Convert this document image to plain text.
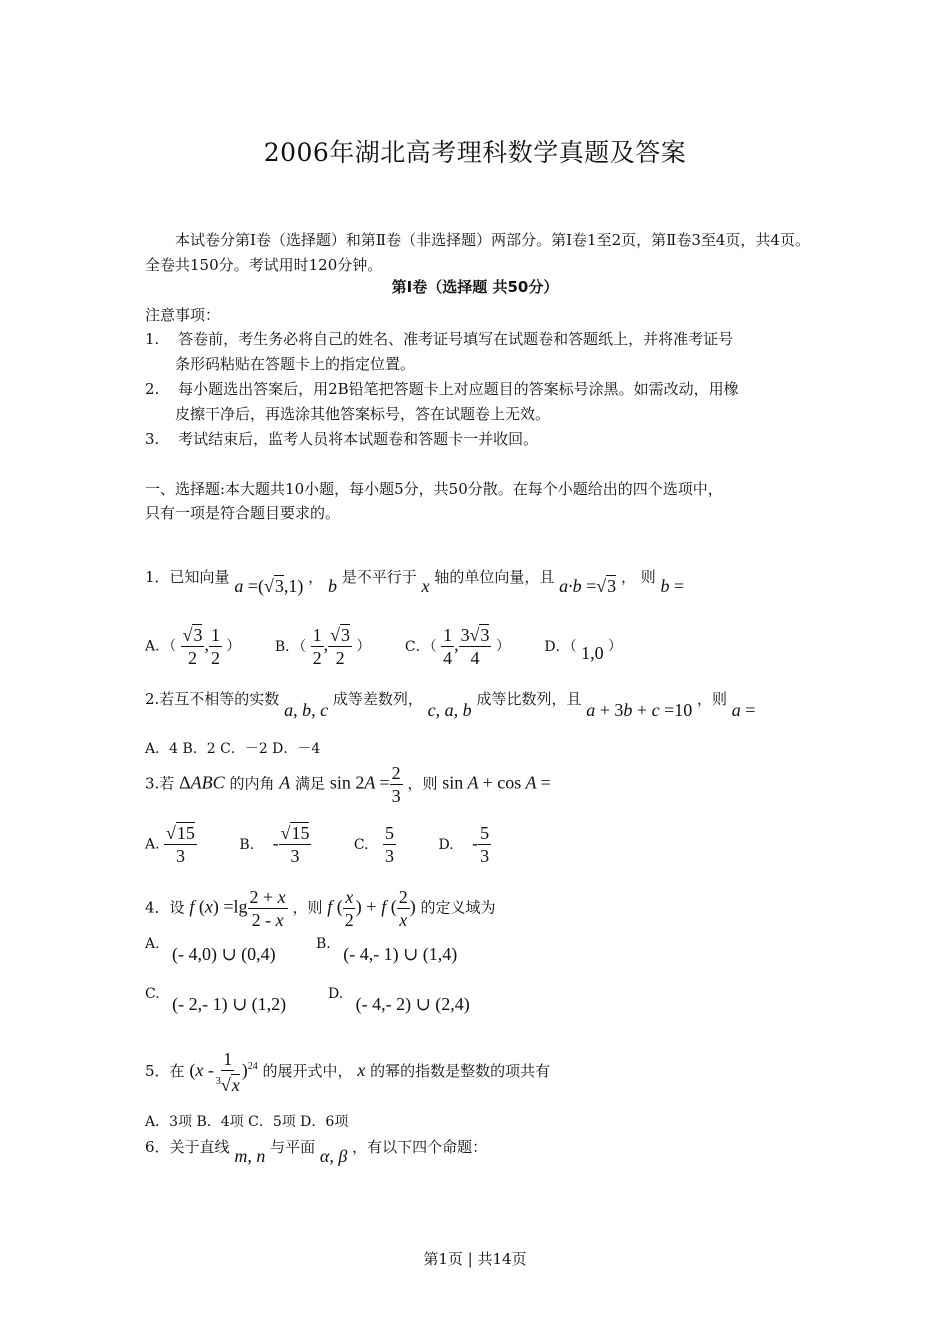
2006年湖北高考理科数学真题及答案
本试卷分第Ⅰ卷（选择题）和第Ⅱ卷（非选择题）两部分。第Ⅰ卷1至2页，第Ⅱ卷3至4页，共4页。全卷共150分。考试用时120分钟。
第Ⅰ卷（选择题 共50分）
注意事项：
1. 答卷前，考生务必将自己的姓名、准考证号填写在试题卷和答题纸上，并将准考证号
条形码粘贴在答题卡上的指定位置。
2. 每小题选出答案后，用2B铅笔把答题卡上对应题目的答案标号涂黑。如需改动，用橡
皮擦干净后，再选涂其他答案标号，答在试题卷上无效。
3. 考试结束后，监考人员将本试题卷和答题卡一并收回。
一、选择题:本大题共10小题，每小题5分，共50分散。在每个小题给出的四个选项中，
只有一项是符合题目要求的。
1．已知向量 a =(√3,1) ， b 是不平行于 x 轴的单位向量，且 a·b =√3 ， 则 b =
A．（ $\frac{√3}{2}$ , $\frac{1}{2}$ ） B．（ $\frac{1}{2}$ , $\frac{√3}{2}$ ） C．（ $\frac{1}{4}$ , $\frac{3√3}{4}$ ） D．（ 1,0 ）
2.若互不相等的实数 a, b, c 成等差数列， c, a, b 成等比数列，且 a + 3b + c =10 ，则 a =
A．4 B．2 C．－2 D．－4
3.若 ΔABC 的内角 A 满足 $\sin 2A = \frac{2}{3}$ ，则 sin A + cos A =
A. $\frac{√15}{3}$	B. - $\frac{√15}{3}$	C. $\frac{5}{3}$	D. - $\frac{5}{3}$
4．设 f $(x) =\lg \frac{2 + x}{2 - x}$ ，则 f ( $\frac{x}{2}$ ) + f ( $\frac{2}{x}$ ) 的定义域为
A. (- 4,0) ∪ (0,4)	B. (- 4,- 1) ∪ (1,4)
C. (- 2,- 1) ∪ (1,2)	D. (- 4,- 2) ∪ (2,4)
5．在 $(x - \frac{1}{^3√x} )^{24}$ 的展开式中， x 的幂的指数是整数的项共有
A．3项 B．4项 C．5项 D．6项
6．关于直线 m, n 与平面 α, β ，有以下四个命题：
第1页 | 共14页
